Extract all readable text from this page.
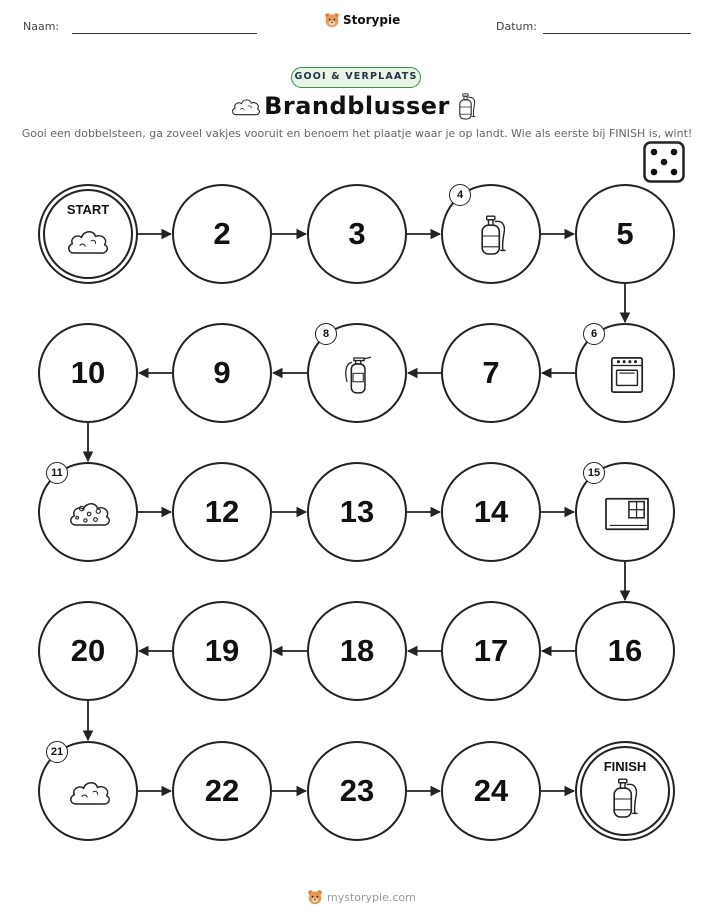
Naam:	Storypie	Datum:
GOOI & VERPLAATS
Brandblusser
Gooi een dobbelsteen, ga zoveel vakjes vooruit en benoem het plaatje waar je op landt. Wie als eerste bij FINISH is, wint!
START
2	3
4
5
6
7
8
9
10
11
12	13	14
15
16
17
18
19
20
21
22	23	24
FINISH
mystorypie.com
